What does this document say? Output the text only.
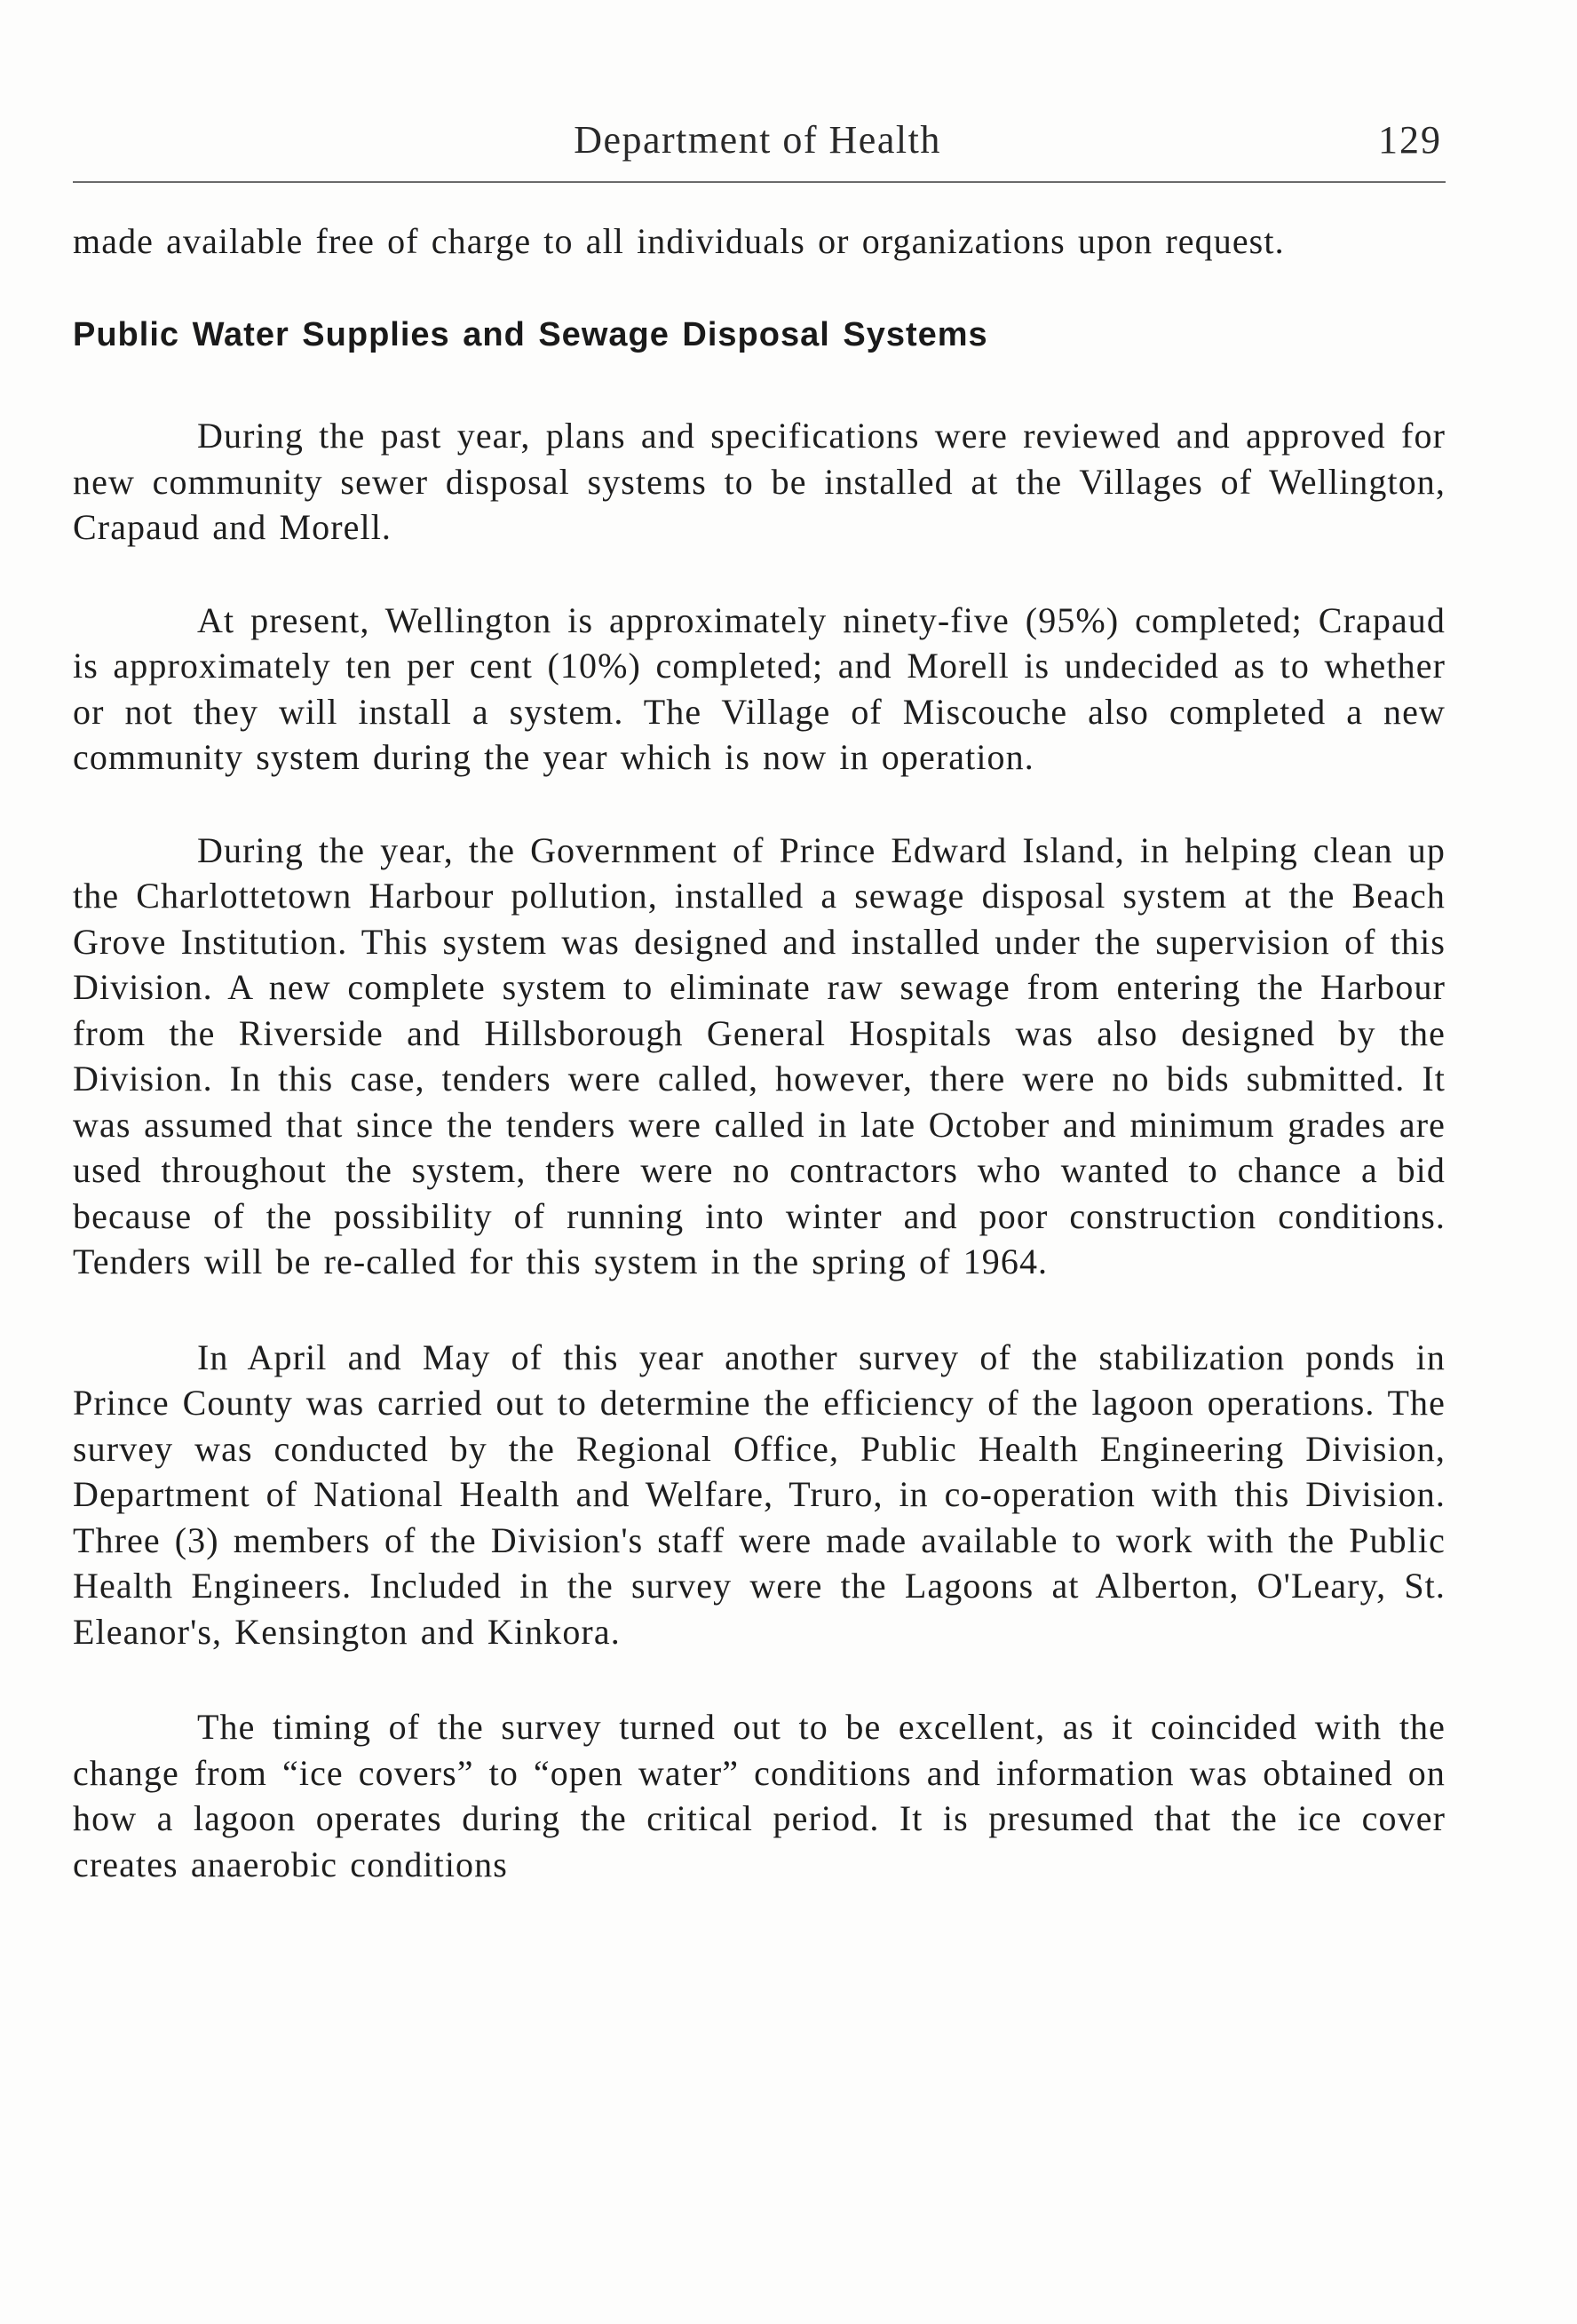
Department of Health	129

made available free of charge to all individuals or organizations upon request.

Public Water Supplies and Sewage Disposal Systems

During the past year, plans and specifications were reviewed and approved for new community sewer disposal systems to be installed at the Villages of Wellington, Crapaud and Morell.

At present, Wellington is approximately ninety-five (95%) completed; Crapaud is approximately ten per cent (10%) completed; and Morell is undecided as to whether or not they will install a system. The Village of Miscouche also completed a new community system during the year which is now in operation.

During the year, the Government of Prince Edward Island, in helping clean up the Charlottetown Harbour pollution, installed a sewage disposal system at the Beach Grove Institution. This system was designed and installed under the supervision of this Division. A new complete system to eliminate raw sewage from entering the Harbour from the Riverside and Hillsborough General Hospitals was also designed by the Division. In this case, tenders were called, however, there were no bids submitted. It was assumed that since the tenders were called in late October and minimum grades are used throughout the system, there were no contractors who wanted to chance a bid because of the possibility of running into winter and poor construction conditions. Tenders will be re-called for this system in the spring of 1964.

In April and May of this year another survey of the stabilization ponds in Prince County was carried out to determine the efficiency of the lagoon operations. The survey was conducted by the Regional Office, Public Health Engineering Division, Department of National Health and Welfare, Truro, in co-operation with this Division. Three (3) members of the Division's staff were made available to work with the Public Health Engineers. Included in the survey were the Lagoons at Alberton, O'Leary, St. Eleanor's, Kensington and Kinkora.

The timing of the survey turned out to be excellent, as it coincided with the change from “ice covers” to “open water” conditions and information was obtained on how a lagoon operates during the critical period. It is presumed that the ice cover creates anaerobic conditions
